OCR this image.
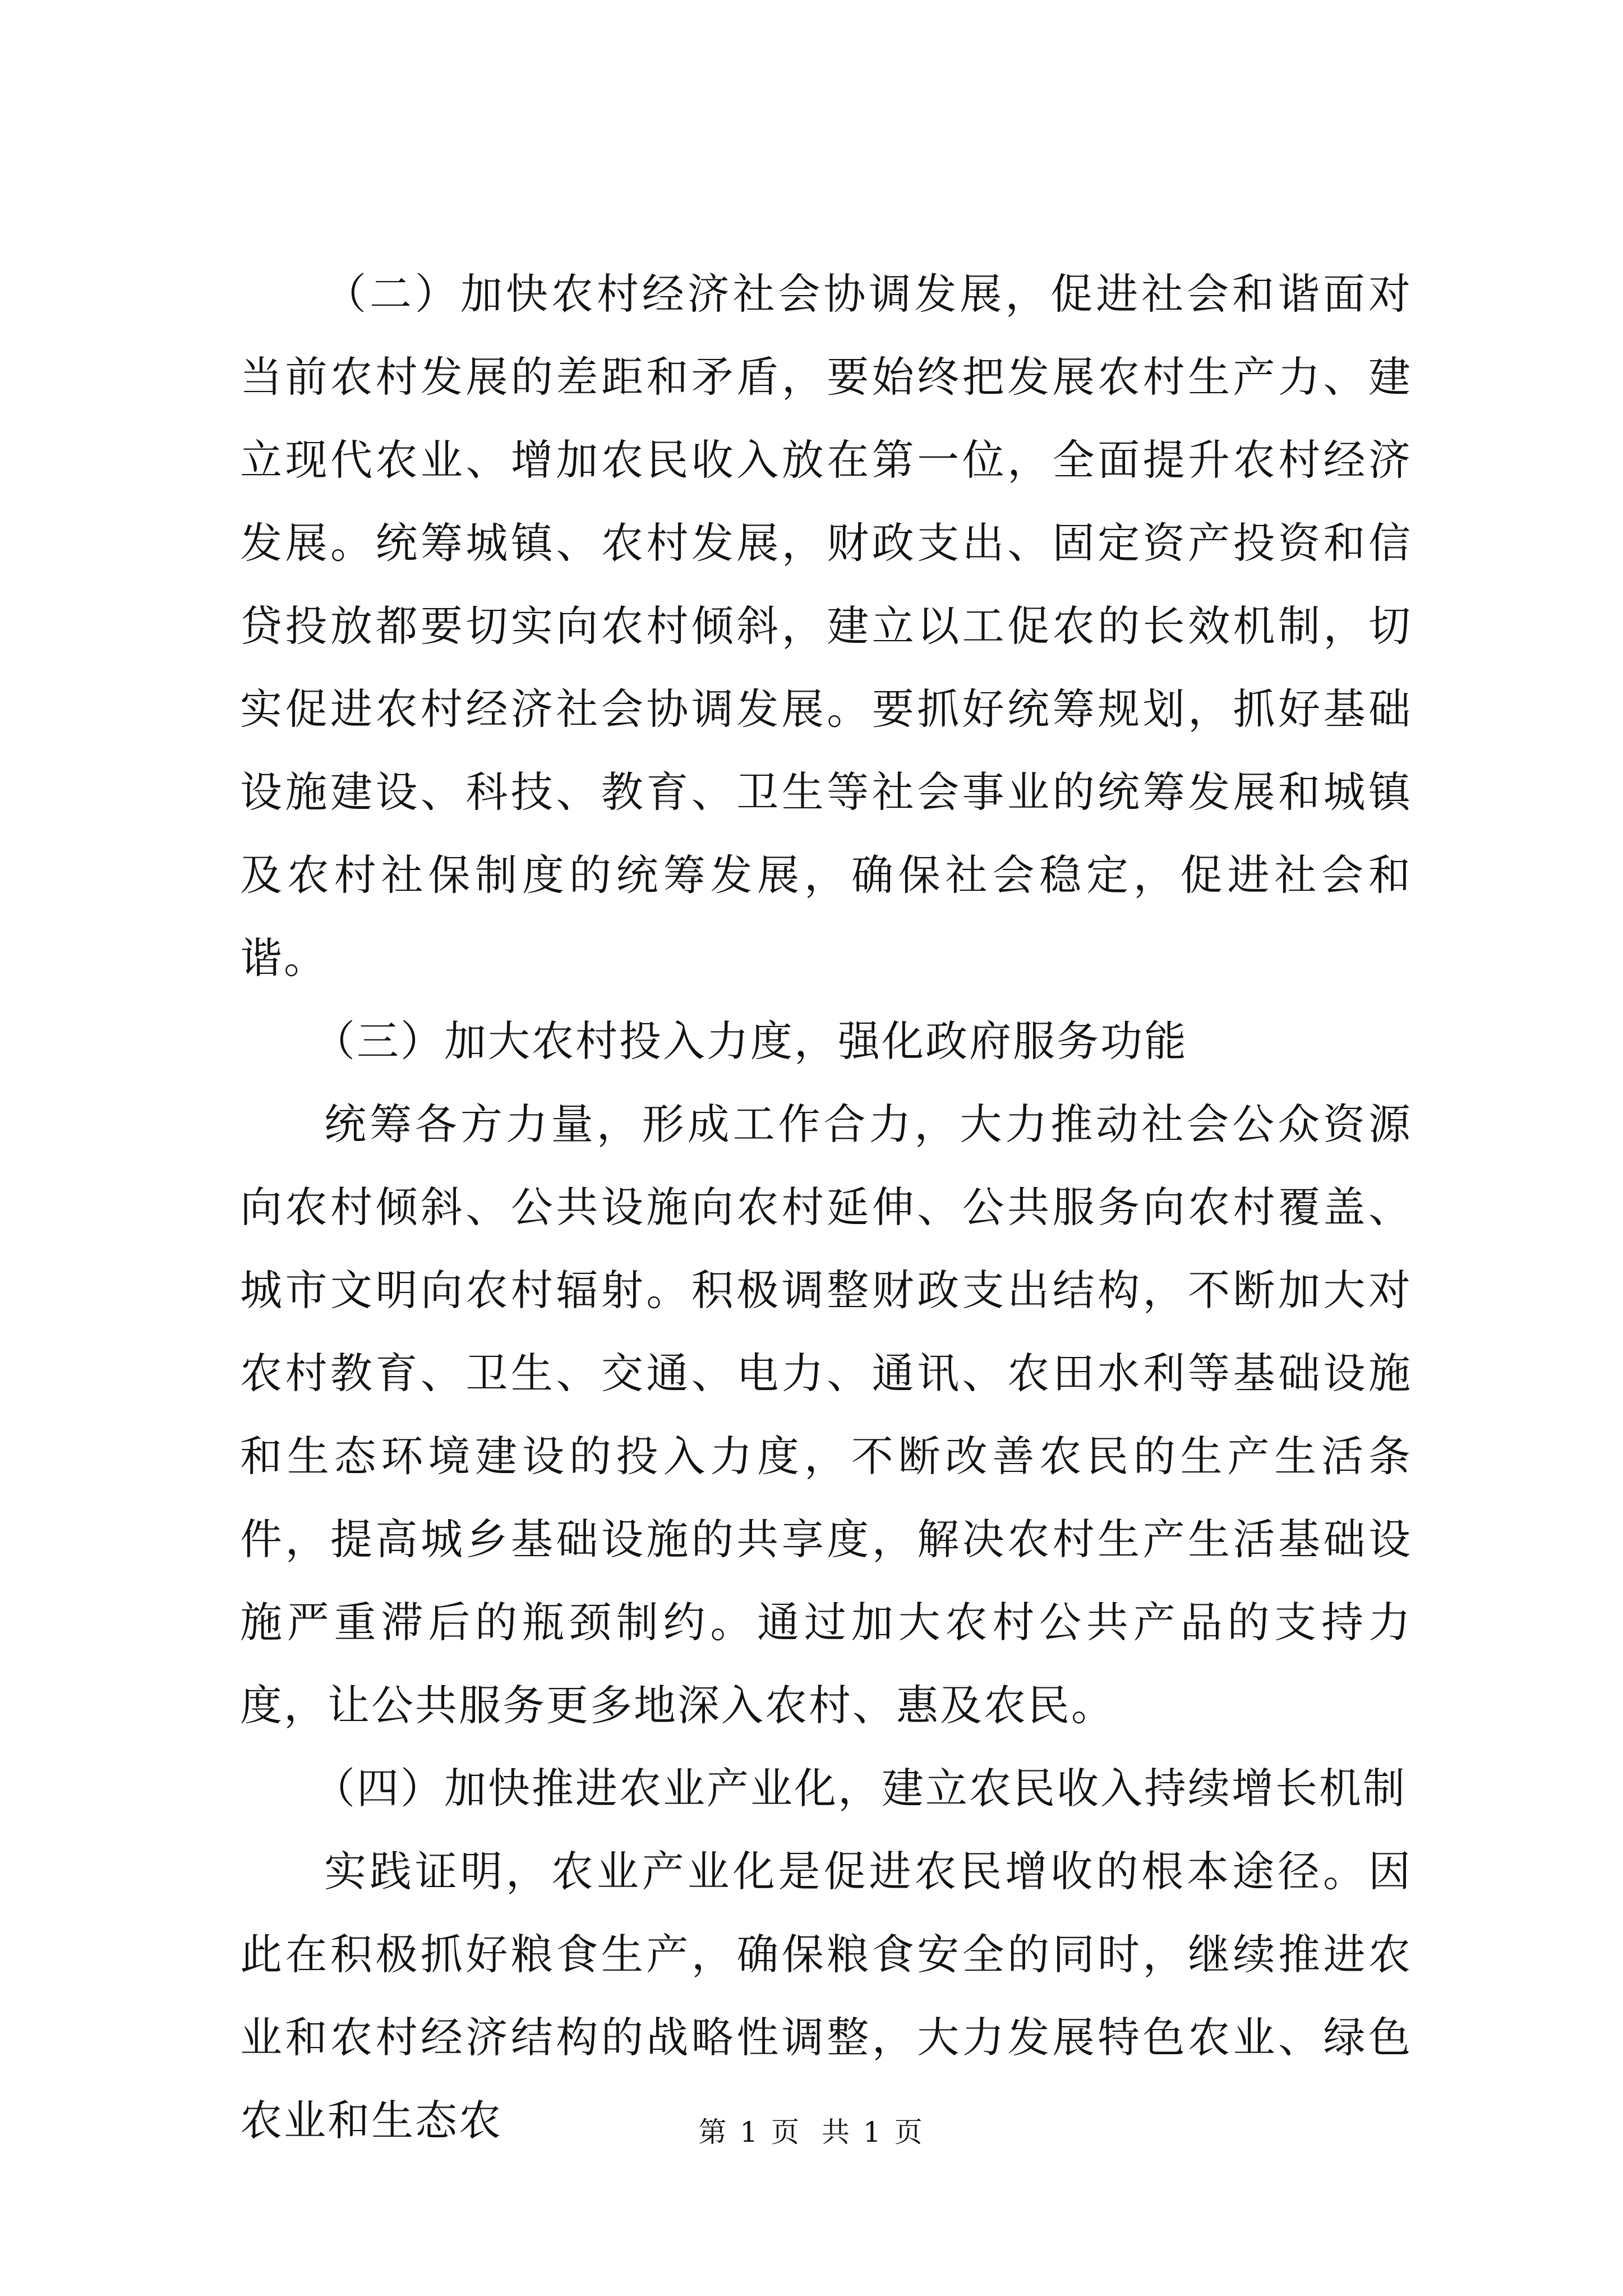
（二）加快农村经济社会协调发展，促进社会和谐面对当前农村发展的差距和矛盾，要始终把发展农村生产力、建立现代农业、增加农民收入放在第一位，全面提升农村经济发展。统筹城镇、农村发展，财政支出、固定资产投资和信贷投放都要切实向农村倾斜，建立以工促农的长效机制，切实促进农村经济社会协调发展。要抓好统筹规划，抓好基础设施建设、科技、教育、卫生等社会事业的统筹发展和城镇及农村社保制度的统筹发展，确保社会稳定，促进社会和谐。

（三）加大农村投入力度，强化政府服务功能

统筹各方力量，形成工作合力，大力推动社会公众资源向农村倾斜、公共设施向农村延伸、公共服务向农村覆盖、城市文明向农村辐射。积极调整财政支出结构，不断加大对农村教育、卫生、交通、电力、通讯、农田水利等基础设施和生态环境建设的投入力度，不断改善农民的生产生活条件，提高城乡基础设施的共享度，解决农村生产生活基础设施严重滞后的瓶颈制约。通过加大农村公共产品的支持力度，让公共服务更多地深入农村、惠及农民。

（四）加快推进农业产业化，建立农民收入持续增长机制

实践证明，农业产业化是促进农民增收的根本途径。因此在积极抓好粮食生产，确保粮食安全的同时，继续推进农业和农村经济结构的战略性调整，大力发展特色农业、绿色农业和生态农	第 1 页 共 1 页
